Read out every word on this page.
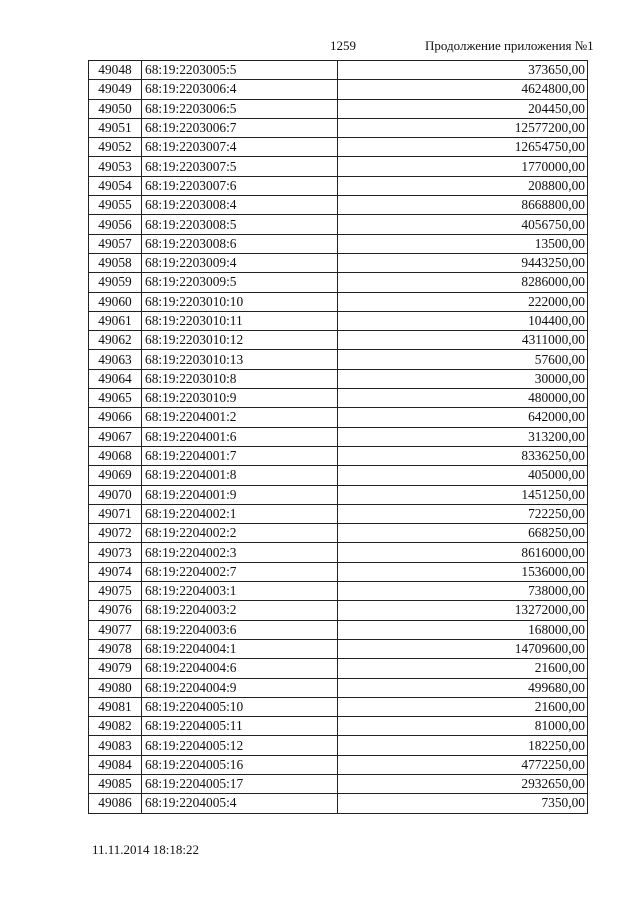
1259	Продолжение приложения №1
49048	68:19:2203005:5	373650,00
49049	68:19:2203006:4	4624800,00
49050	68:19:2203006:5	204450,00
49051	68:19:2203006:7	12577200,00
49052	68:19:2203007:4	12654750,00
49053	68:19:2203007:5	1770000,00
49054	68:19:2203007:6	208800,00
49055	68:19:2203008:4	8668800,00
49056	68:19:2203008:5	4056750,00
49057	68:19:2203008:6	13500,00
49058	68:19:2203009:4	9443250,00
49059	68:19:2203009:5	8286000,00
49060	68:19:2203010:10	222000,00
49061	68:19:2203010:11	104400,00
49062	68:19:2203010:12	4311000,00
49063	68:19:2203010:13	57600,00
49064	68:19:2203010:8	30000,00
49065	68:19:2203010:9	480000,00
49066	68:19:2204001:2	642000,00
49067	68:19:2204001:6	313200,00
49068	68:19:2204001:7	8336250,00
49069	68:19:2204001:8	405000,00
49070	68:19:2204001:9	1451250,00
49071	68:19:2204002:1	722250,00
49072	68:19:2204002:2	668250,00
49073	68:19:2204002:3	8616000,00
49074	68:19:2204002:7	1536000,00
49075	68:19:2204003:1	738000,00
49076	68:19:2204003:2	13272000,00
49077	68:19:2204003:6	168000,00
49078	68:19:2204004:1	14709600,00
49079	68:19:2204004:6	21600,00
49080	68:19:2204004:9	499680,00
49081	68:19:2204005:10	21600,00
49082	68:19:2204005:11	81000,00
49083	68:19:2204005:12	182250,00
49084	68:19:2204005:16	4772250,00
49085	68:19:2204005:17	2932650,00
49086	68:19:2204005:4	7350,00
11.11.2014 18:18:22
